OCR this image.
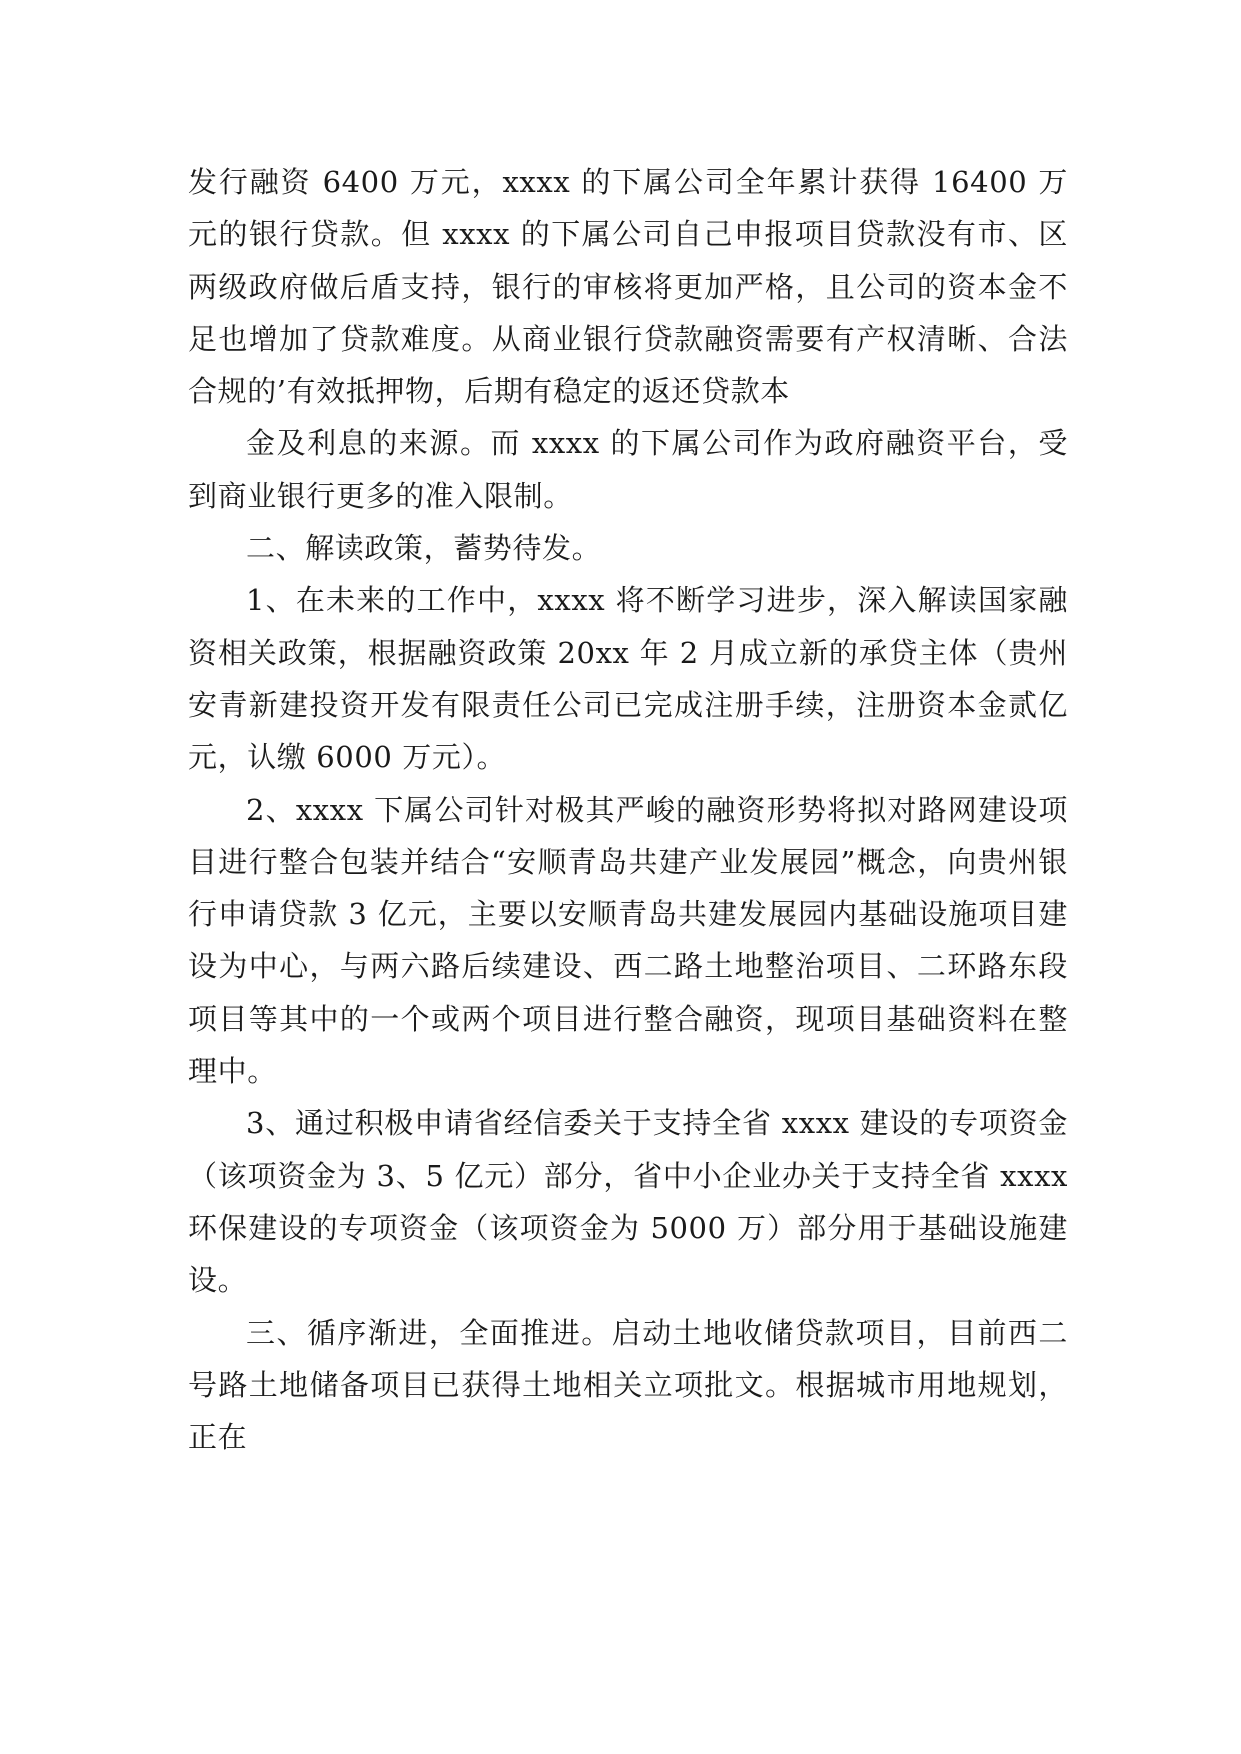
发行融资 6400 万元，xxxx 的下属公司全年累计获得 16400 万元的银行贷款。但 xxxx 的下属公司自己申报项目贷款没有市、区两级政府做后盾支持，银行的审核将更加严格，且公司的资本金不足也增加了贷款难度。从商业银行贷款融资需要有产权清晰、合法合规的’有效抵押物，后期有稳定的返还贷款本

金及利息的来源。而 xxxx 的下属公司作为政府融资平台，受到商业银行更多的准入限制。

二、解读政策，蓄势待发。

1、在未来的工作中，xxxx 将不断学习进步，深入解读国家融资相关政策，根据融资政策 20xx 年 2 月成立新的承贷主体（贵州安青新建投资开发有限责任公司已完成注册手续，注册资本金贰亿元，认缴 6000 万元）。

2、xxxx 下属公司针对极其严峻的融资形势将拟对路网建设项目进行整合包装并结合“安顺青岛共建产业发展园”概念，向贵州银行申请贷款 3 亿元，主要以安顺青岛共建发展园内基础设施项目建设为中心，与两六路后续建设、西二路土地整治项目、二环路东段项目等其中的一个或两个项目进行整合融资，现项目基础资料在整理中。

3、通过积极申请省经信委关于支持全省 xxxx 建设的专项资金（该项资金为 3、5 亿元）部分，省中小企业办关于支持全省 xxxx 环保建设的专项资金（该项资金为 5000 万）部分用于基础设施建设。

三、循序渐进，全面推进。启动土地收储贷款项目，目前西二号路土地储备项目已获得土地相关立项批文。根据城市用地规划，正在
